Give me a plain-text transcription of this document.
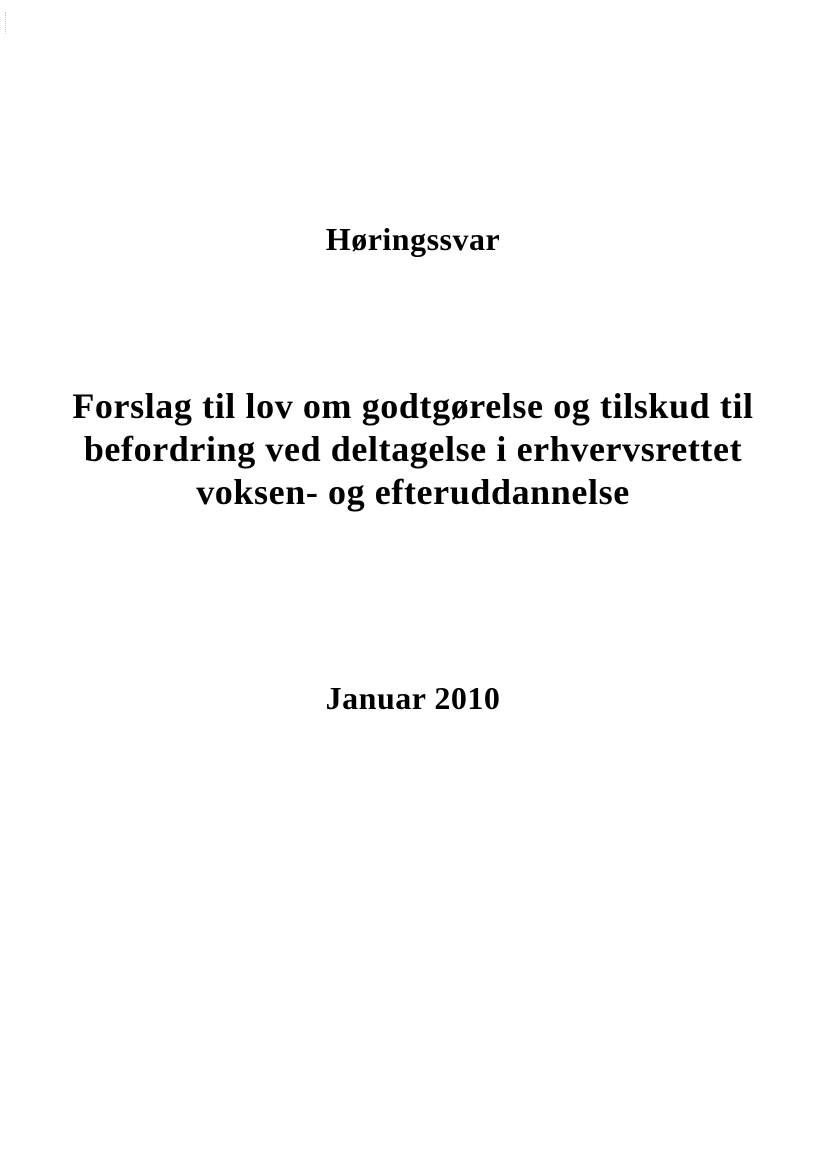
Høringssvar
Forslag til lov om godtgørelse og tilskud til
befordring ved deltagelse i erhvervsrettet
voksen- og efteruddannelse

Januar 2010
